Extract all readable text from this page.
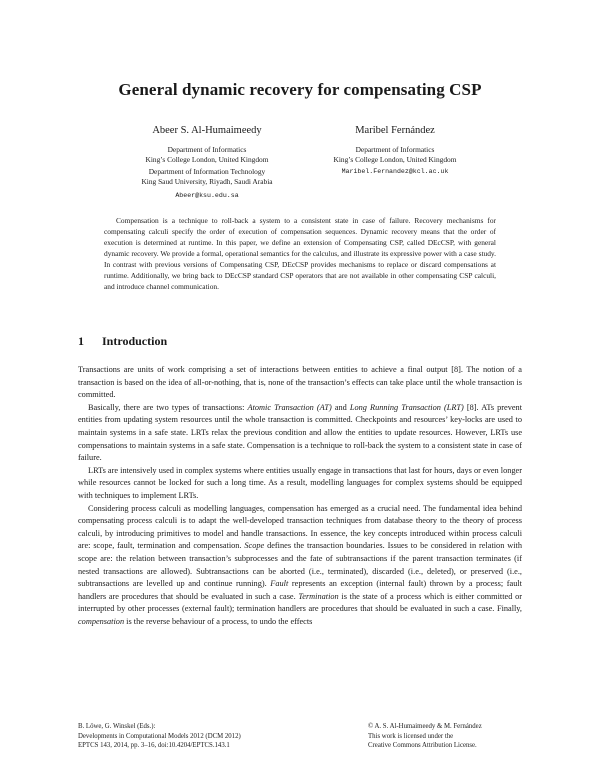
General dynamic recovery for compensating CSP
Abeer S. Al-Humaimeedy
Department of Informatics
King’s College London, United Kingdom
Department of Information Technology
King Saud University, Riyadh, Saudi Arabia
Abeer@ksu.edu.sa
Maribel Fernández
Department of Informatics
King’s College London, United Kingdom
Maribel.Fernandez@kcl.ac.uk

Compensation is a technique to roll-back a system to a consistent state in case of failure. Recovery mechanisms for compensating calculi specify the order of execution of compensation sequences. Dynamic recovery means that the order of execution is determined at runtime. In this paper, we define an extension of Compensating CSP, called DEcCSP, with general dynamic recovery. We provide a formal, operational semantics for the calculus, and illustrate its expressive power with a case study. In contrast with previous versions of Compensating CSP, DEcCSP provides mechanisms to replace or discard compensations at runtime. Additionally, we bring back to DEcCSP standard CSP operators that are not available in other compensating CSP calculi, and introduce channel communication.

1 Introduction

Transactions are units of work comprising a set of interactions between entities to achieve a final output [8]. The notion of a transaction is based on the idea of all-or-nothing, that is, none of the transaction’s effects can take place until the whole transaction is committed.

Basically, there are two types of transactions: Atomic Transaction (AT) and Long Running Transaction (LRT) [8]. ATs prevent entities from updating system resources until the whole transaction is committed. Checkpoints and resources’ key-locks are used to maintain systems in a safe state. LRTs relax the previous condition and allow the entities to update resources. However, LRTs use compensations to maintain systems in a safe state. Compensation is a technique to roll-back the system to a consistent state in case of failure.

LRTs are intensively used in complex systems where entities usually engage in transactions that last for hours, days or even longer while resources cannot be locked for such a long time. As a result, modelling languages for complex systems should be equipped with techniques to implement LRTs.

Considering process calculi as modelling languages, compensation has emerged as a crucial need. The fundamental idea behind compensating process calculi is to adapt the well-developed transaction techniques from database theory to the theory of process calculi, by introducing primitives to model and handle transactions. In essence, the key concepts introduced within process calculi are: scope, fault, termination and compensation. Scope defines the transaction boundaries. Issues to be considered in relation with scope are: the relation between transaction’s subprocesses and the fate of subtransactions if the parent transaction terminates (if nested transactions are allowed). Subtransactions can be aborted (i.e., terminated), discarded (i.e., deleted), or preserved (i.e., subtransactions are levelled up and continue running). Fault represents an exception (internal fault) thrown by a process; fault handlers are procedures that should be evaluated in such a case. Termination is the state of a process which is either committed or interrupted by other processes (external fault); termination handlers are procedures that should be evaluated in such a case. Finally, compensation is the reverse behaviour of a process, to undo the effects

B. Löwe, G. Winskel (Eds.):
Developments in Computational Models 2012 (DCM 2012)
EPTCS 143, 2014, pp. 3–16, doi:10.4204/EPTCS.143.1
© A. S. Al-Humaimeedy & M. Fernández
This work is licensed under the
Creative Commons Attribution License.
